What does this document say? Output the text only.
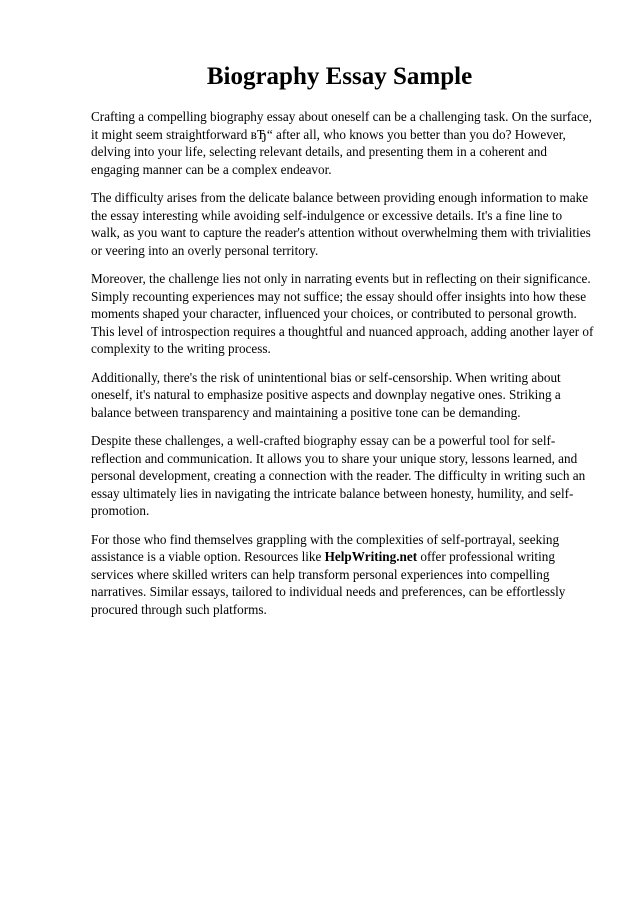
Biography Essay Sample

Crafting a compelling biography essay about oneself can be a challenging task. On the surface, it might seem straightforward вЂ“ after all, who knows you better than you do? However, delving into your life, selecting relevant details, and presenting them in a coherent and engaging manner can be a complex endeavor.

The difficulty arises from the delicate balance between providing enough information to make the essay interesting while avoiding self-indulgence or excessive details. It's a fine line to walk, as you want to capture the reader's attention without overwhelming them with trivialities or veering into an overly personal territory.

Moreover, the challenge lies not only in narrating events but in reflecting on their significance. Simply recounting experiences may not suffice; the essay should offer insights into how these moments shaped your character, influenced your choices, or contributed to personal growth. This level of introspection requires a thoughtful and nuanced approach, adding another layer of complexity to the writing process.

Additionally, there's the risk of unintentional bias or self-censorship. When writing about oneself, it's natural to emphasize positive aspects and downplay negative ones. Striking a balance between transparency and maintaining a positive tone can be demanding.

Despite these challenges, a well-crafted biography essay can be a powerful tool for self-reflection and communication. It allows you to share your unique story, lessons learned, and personal development, creating a connection with the reader. The difficulty in writing such an essay ultimately lies in navigating the intricate balance between honesty, humility, and self-promotion.

For those who find themselves grappling with the complexities of self-portrayal, seeking assistance is a viable option. Resources like HelpWriting.net offer professional writing services where skilled writers can help transform personal experiences into compelling narratives. Similar essays, tailored to individual needs and preferences, can be effortlessly procured through such platforms.
